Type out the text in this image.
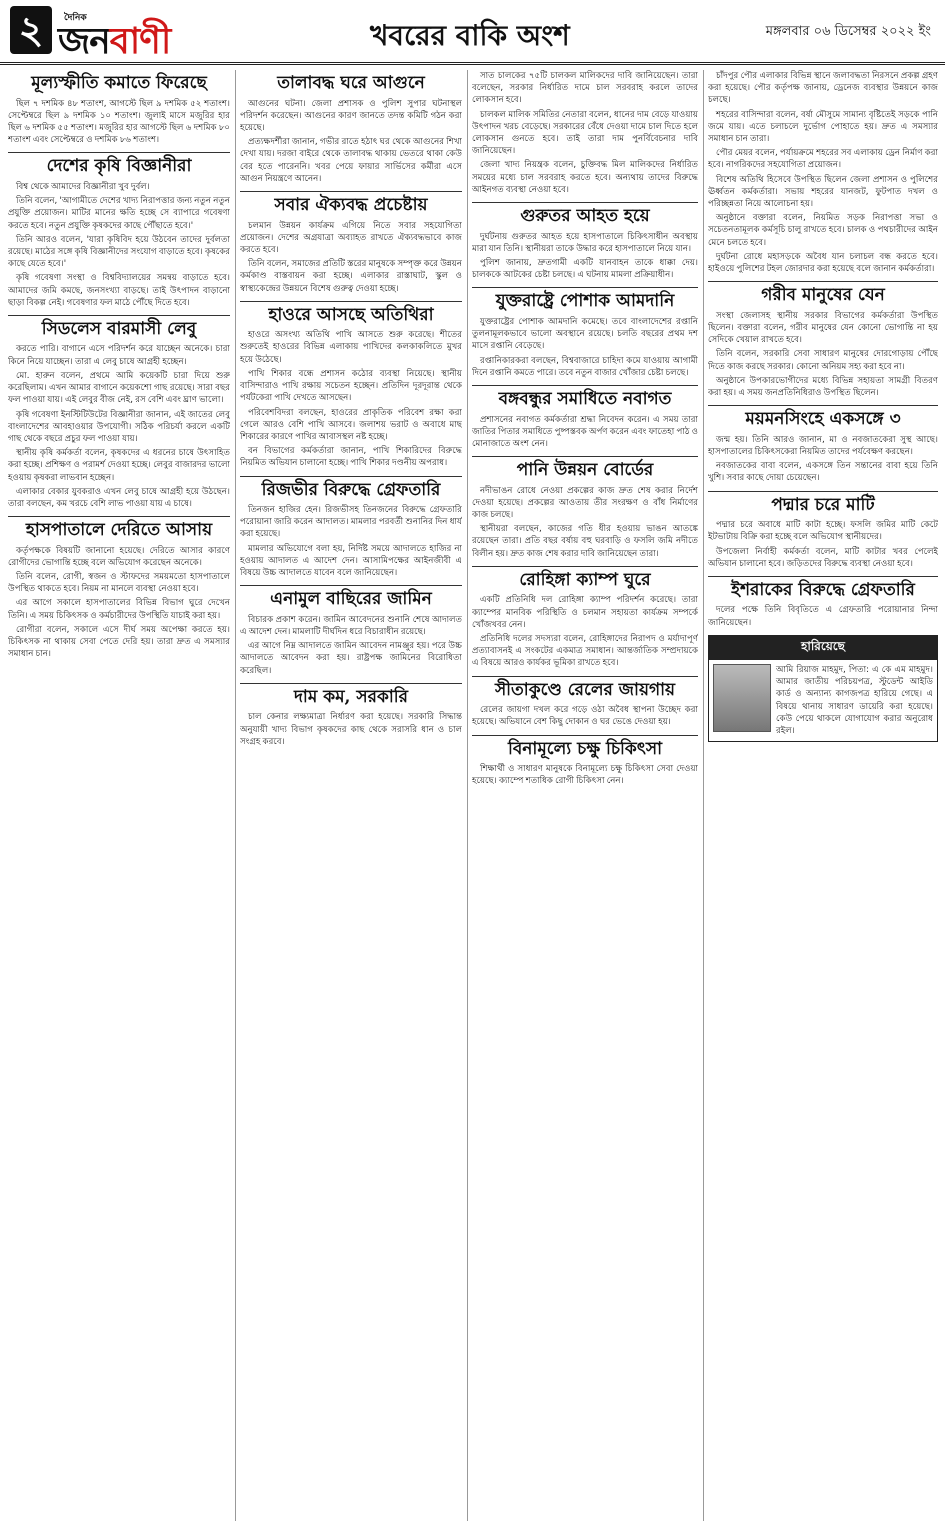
২	দৈনিক
জনবাণী	খবরের বাকি অংশ	মঙ্গলবার ০৬ ডিসেম্বর ২০২২ ইং
মূল্যস্ফীতি কমাতে ফিরেছে

ছিল ৭ দশমিক ৪৮ শতাংশ, আগস্টে ছিল ৯ দশমিক ৫২ শতাংশ। সেপ্টেম্বরে ছিল ৯ দশমিক ১০ শতাংশ। জুলাই মাসে মজুরির হার ছিল ৬ দশমিক ৫৫ শতাংশ। মজুরির হার আগস্টে ছিল ৬ দশমিক ৮০ শতাংশ এবং সেপ্টেম্বরে ও দশমিক ৮৬ শতাংশ।

দেশের কৃষি বিজ্ঞানীরা

বিশ্ব থেকে আমাদের বিজ্ঞানীরা খুব দুর্বল।

তিনি বলেন, 'আগামীতে দেশের খাদ্য নিরাপত্তার জন্য নতুন নতুন প্রযুক্তি প্রয়োজন। মাটির মানের ক্ষতি হচ্ছে সে ব্যাপারে গবেষণা করতে হবে। নতুন প্রযুক্তি কৃষকদের কাছে পৌঁছাতে হবে।'

তিনি আরও বলেন, 'যারা কৃষিবিদ হয়ে উঠবেন তাদের দুর্বলতা রয়েছে। মাঠের সঙ্গে কৃষি বিজ্ঞানীদের সংযোগ বাড়াতে হবে। কৃষকের কাছে যেতে হবে।'

কৃষি গবেষণা সংস্থা ও বিশ্ববিদ্যালয়ের সমন্বয় বাড়াতে হবে। আমাদের জমি কমছে, জনসংখ্যা বাড়ছে। তাই উৎপাদন বাড়ানো ছাড়া বিকল্প নেই। গবেষণার ফল মাঠে পৌঁছে দিতে হবে।

সিডলেস বারমাসী লেবু

করতে পারি। বাগানে এসে পরিদর্শন করে যাচ্ছেন অনেকে। চারা কিনে নিয়ে যাচ্ছেন। তারা এ লেবু চাষে আগ্রহী হচ্ছেন।

মো. হারুন বলেন, প্রথমে আমি কয়েকটি চারা দিয়ে শুরু করেছিলাম। এখন আমার বাগানে কয়েকশো গাছ রয়েছে। সারা বছর ফল পাওয়া যায়। এই লেবুর বীজ নেই, রস বেশি এবং ঘ্রাণ ভালো।

কৃষি গবেষণা ইনস্টিটিউটের বিজ্ঞানীরা জানান, এই জাতের লেবু বাংলাদেশের আবহাওয়ার উপযোগী। সঠিক পরিচর্যা করলে একটি গাছ থেকে বছরে প্রচুর ফল পাওয়া যায়।

স্থানীয় কৃষি কর্মকর্তা বলেন, কৃষকদের এ ধরনের চাষে উৎসাহিত করা হচ্ছে। প্রশিক্ষণ ও পরামর্শ দেওয়া হচ্ছে। লেবুর বাজারদর ভালো হওয়ায় কৃষকরা লাভবান হচ্ছেন।

এলাকার বেকার যুবকরাও এখন লেবু চাষে আগ্রহী হয়ে উঠছেন। তারা বলছেন, কম খরচে বেশি লাভ পাওয়া যায় এ চাষে।

হাসপাতালে দেরিতে আসায়

কর্তৃপক্ষকে বিষয়টি জানানো হয়েছে। দেরিতে আসার কারণে রোগীদের ভোগান্তি হচ্ছে বলে অভিযোগ করেছেন অনেকে।

তিনি বলেন, রোগী, স্বজন ও স্টাফদের সময়মতো হাসপাতালে উপস্থিত থাকতে হবে। নিয়ম না মানলে ব্যবস্থা নেওয়া হবে।

এর আগে সকালে হাসপাতালের বিভিন্ন বিভাগ ঘুরে দেখেন তিনি। এ সময় চিকিৎসক ও কর্মচারীদের উপস্থিতি যাচাই করা হয়।

রোগীরা বলেন, সকালে এসে দীর্ঘ সময় অপেক্ষা করতে হয়। চিকিৎসক না থাকায় সেবা পেতে দেরি হয়। তারা দ্রুত এ সমস্যার সমাধান চান।

তালাবদ্ধ ঘরে আগুনে

আগুনের ঘটনা। জেলা প্রশাসক ও পুলিশ সুপার ঘটনাস্থল পরিদর্শন করেছেন। আগুনের কারণ জানতে তদন্ত কমিটি গঠন করা হয়েছে।

প্রত্যক্ষদর্শীরা জানান, গভীর রাতে হঠাৎ ঘর থেকে আগুনের শিখা দেখা যায়। দরজা বাইরে থেকে তালাবদ্ধ থাকায় ভেতরে থাকা কেউ বের হতে পারেননি। খবর পেয়ে ফায়ার সার্ভিসের কর্মীরা এসে আগুন নিয়ন্ত্রণে আনেন।

সবার ঐক্যবদ্ধ প্রচেষ্টায়

চলমান উন্নয়ন কার্যক্রম এগিয়ে নিতে সবার সহযোগিতা প্রয়োজন। দেশের অগ্রযাত্রা অব্যাহত রাখতে ঐক্যবদ্ধভাবে কাজ করতে হবে।

তিনি বলেন, সমাজের প্রতিটি স্তরের মানুষকে সম্পৃক্ত করে উন্নয়ন কর্মকাণ্ড বাস্তবায়ন করা হচ্ছে। এলাকার রাস্তাঘাট, স্কুল ও স্বাস্থ্যকেন্দ্রের উন্নয়নে বিশেষ গুরুত্ব দেওয়া হচ্ছে।

হাওরে আসছে অতিথিরা

হাওরে অসংখ্য অতিথি পাখি আসতে শুরু করেছে। শীতের শুরুতেই হাওরের বিভিন্ন এলাকায় পাখিদের কলকাকলিতে মুখর হয়ে উঠেছে।

পাখি শিকার বন্ধে প্রশাসন কঠোর ব্যবস্থা নিয়েছে। স্থানীয় বাসিন্দারাও পাখি রক্ষায় সচেতন হচ্ছেন। প্রতিদিন দূরদূরান্ত থেকে পর্যটকেরা পাখি দেখতে আসছেন।

পরিবেশবিদরা বলছেন, হাওরের প্রাকৃতিক পরিবেশ রক্ষা করা গেলে আরও বেশি পাখি আসবে। জলাশয় ভরাট ও অবাধে মাছ শিকারের কারণে পাখির আবাসস্থল নষ্ট হচ্ছে।

বন বিভাগের কর্মকর্তারা জানান, পাখি শিকারিদের বিরুদ্ধে নিয়মিত অভিযান চালানো হচ্ছে। পাখি শিকার দণ্ডনীয় অপরাধ।

রিজভীর বিরুদ্ধে গ্রেফতারি

তিনজন হাজির হেন। রিজভীসহ তিনজনের বিরুদ্ধে গ্রেফতারি পরোয়ানা জারি করেন আদালত। মামলার পরবর্তী শুনানির দিন ধার্য করা হয়েছে।

মামলার অভিযোগে বলা হয়, নির্দিষ্ট সময়ে আদালতে হাজির না হওয়ায় আদালত এ আদেশ দেন। আসামিপক্ষের আইনজীবী এ বিষয়ে উচ্চ আদালতে যাবেন বলে জানিয়েছেন।

এনামুল বাছিরের জামিন

বিচারক প্রকাশ করেন। জামিন আবেদনের শুনানি শেষে আদালত এ আদেশ দেন। মামলাটি দীর্ঘদিন ধরে বিচারাধীন রয়েছে।

এর আগে নিম্ন আদালতে জামিন আবেদন নামঞ্জুর হয়। পরে উচ্চ আদালতে আবেদন করা হয়। রাষ্ট্রপক্ষ জামিনের বিরোধিতা করেছিল।

দাম কম, সরকারি

চাল কেনার লক্ষ্যমাত্রা নির্ধারণ করা হয়েছে। সরকারি সিদ্ধান্ত অনুযায়ী খাদ্য বিভাগ কৃষকদের কাছ থেকে সরাসরি ধান ও চাল সংগ্রহ করবে।

সাত চালকের ৭৫টি চালকল মালিকদের দাবি জানিয়েছেন। তারা বলেছেন, সরকার নির্ধারিত দামে চাল সরবরাহ করলে তাদের লোকসান হবে।

চালকল মালিক সমিতির নেতারা বলেন, ধানের দাম বেড়ে যাওয়ায় উৎপাদন খরচ বেড়েছে। সরকারের বেঁধে দেওয়া দামে চাল দিতে হলে লোকসান গুনতে হবে। তাই তারা দাম পুনর্বিবেচনার দাবি জানিয়েছেন।

জেলা খাদ্য নিয়ন্ত্রক বলেন, চুক্তিবদ্ধ মিল মালিকদের নির্ধারিত সময়ের মধ্যে চাল সরবরাহ করতে হবে। অন্যথায় তাদের বিরুদ্ধে আইনগত ব্যবস্থা নেওয়া হবে।

গুরুতর আহত হয়ে

দুর্ঘটনায় গুরুতর আহত হয়ে হাসপাতালে চিকিৎসাধীন অবস্থায় মারা যান তিনি। স্থানীয়রা তাকে উদ্ধার করে হাসপাতালে নিয়ে যান।

পুলিশ জানায়, দ্রুতগামী একটি যানবাহন তাকে ধাক্কা দেয়। চালককে আটকের চেষ্টা চলছে। এ ঘটনায় মামলা প্রক্রিয়াধীন।

যুক্তরাষ্ট্রে পোশাক আমদানি

যুক্তরাষ্ট্রের পোশাক আমদানি কমেছে। তবে বাংলাদেশের রপ্তানি তুলনামূলকভাবে ভালো অবস্থানে রয়েছে। চলতি বছরের প্রথম দশ মাসে রপ্তানি বেড়েছে।

রপ্তানিকারকরা বলছেন, বিশ্ববাজারে চাহিদা কমে যাওয়ায় আগামী দিনে রপ্তানি কমতে পারে। তবে নতুন বাজার খোঁজার চেষ্টা চলছে।

বঙ্গবন্ধুর সমাধিতে নবাগত

প্রশাসনের নবাগত কর্মকর্তারা শ্রদ্ধা নিবেদন করেন। এ সময় তারা জাতির পিতার সমাধিতে পুষ্পস্তবক অর্পণ করেন এবং ফাতেহা পাঠ ও মোনাজাতে অংশ নেন।

পানি উন্নয়ন বোর্ডের

নদীভাঙন রোধে নেওয়া প্রকল্পের কাজ দ্রুত শেষ করার নির্দেশ দেওয়া হয়েছে। প্রকল্পের আওতায় তীর সংরক্ষণ ও বাঁধ নির্মাণের কাজ চলছে।

স্থানীয়রা বলছেন, কাজের গতি ধীর হওয়ায় ভাঙন আতঙ্কে রয়েছেন তারা। প্রতি বছর বর্ষায় বহু ঘরবাড়ি ও ফসলি জমি নদীতে বিলীন হয়। দ্রুত কাজ শেষ করার দাবি জানিয়েছেন তারা।

রোহিঙ্গা ক্যাম্প ঘুরে

একটি প্রতিনিধি দল রোহিঙ্গা ক্যাম্প পরিদর্শন করেছে। তারা ক্যাম্পের মানবিক পরিস্থিতি ও চলমান সহায়তা কার্যক্রম সম্পর্কে খোঁজখবর নেন।

প্রতিনিধি দলের সদস্যরা বলেন, রোহিঙ্গাদের নিরাপদ ও মর্যাদাপূর্ণ প্রত্যাবাসনই এ সংকটের একমাত্র সমাধান। আন্তর্জাতিক সম্প্রদায়কে এ বিষয়ে আরও কার্যকর ভূমিকা রাখতে হবে।

সীতাকুণ্ডে রেলের জায়গায়

রেলের জায়গা দখল করে গড়ে ওঠা অবৈধ স্থাপনা উচ্ছেদ করা হয়েছে। অভিযানে বেশ কিছু দোকান ও ঘর ভেঙে দেওয়া হয়।

বিনামূল্যে চক্ষু চিকিৎসা

শিক্ষার্থী ও সাধারণ মানুষকে বিনামূল্যে চক্ষু চিকিৎসা সেবা দেওয়া হয়েছে। ক্যাম্পে শতাধিক রোগী চিকিৎসা নেন।

চাঁদপুর পৌর এলাকার বিভিন্ন স্থানে জলাবদ্ধতা নিরসনে প্রকল্প গ্রহণ করা হয়েছে। পৌর কর্তৃপক্ষ জানায়, ড্রেনেজ ব্যবস্থার উন্নয়নে কাজ চলছে।

শহরের বাসিন্দারা বলেন, বর্ষা মৌসুমে সামান্য বৃষ্টিতেই সড়কে পানি জমে যায়। এতে চলাচলে দুর্ভোগ পোহাতে হয়। দ্রুত এ সমস্যার সমাধান চান তারা।

পৌর মেয়র বলেন, পর্যায়ক্রমে শহরের সব এলাকায় ড্রেন নির্মাণ করা হবে। নাগরিকদের সহযোগিতা প্রয়োজন।

বিশেষ অতিথি হিসেবে উপস্থিত ছিলেন জেলা প্রশাসন ও পুলিশের ঊর্ধ্বতন কর্মকর্তারা। সভায় শহরের যানজট, ফুটপাত দখল ও পরিচ্ছন্নতা নিয়ে আলোচনা হয়।

অনুষ্ঠানে বক্তারা বলেন, নিয়মিত সড়ক নিরাপত্তা সভা ও সচেতনতামূলক কর্মসূচি চালু রাখতে হবে। চালক ও পথচারীদের আইন মেনে চলতে হবে।

দুর্ঘটনা রোধে মহাসড়কে অবৈধ যান চলাচল বন্ধ করতে হবে। হাইওয়ে পুলিশের টহল জোরদার করা হয়েছে বলে জানান কর্মকর্তারা।

গরীব মানুষের যেন

সংস্থা জেলাসহ স্থানীয় সরকার বিভাগের কর্মকর্তারা উপস্থিত ছিলেন। বক্তারা বলেন, গরীব মানুষের যেন কোনো ভোগান্তি না হয় সেদিকে খেয়াল রাখতে হবে।

তিনি বলেন, সরকারি সেবা সাধারণ মানুষের দোরগোড়ায় পৌঁছে দিতে কাজ করছে সরকার। কোনো অনিয়ম সহ্য করা হবে না।

অনুষ্ঠানে উপকারভোগীদের মধ্যে বিভিন্ন সহায়তা সামগ্রী বিতরণ করা হয়। এ সময় জনপ্রতিনিধিরাও উপস্থিত ছিলেন।

ময়মনসিংহে একসঙ্গে ৩

জন্ম হয়। তিনি আরও জানান, মা ও নবজাতকেরা সুস্থ আছে। হাসপাতালের চিকিৎসকেরা নিয়মিত তাদের পর্যবেক্ষণ করছেন।

নবজাতকের বাবা বলেন, একসঙ্গে তিন সন্তানের বাবা হয়ে তিনি খুশি। সবার কাছে দোয়া চেয়েছেন।

পদ্মার চরে মাটি

পদ্মার চরে অবাধে মাটি কাটা হচ্ছে। ফসলি জমির মাটি কেটে ইটভাটায় বিক্রি করা হচ্ছে বলে অভিযোগ স্থানীয়দের।

উপজেলা নির্বাহী কর্মকর্তা বলেন, মাটি কাটার খবর পেলেই অভিযান চালানো হবে। জড়িতদের বিরুদ্ধে ব্যবস্থা নেওয়া হবে।

ইশরাকের বিরুদ্ধে গ্রেফতারি

দলের পক্ষে তিনি বিবৃতিতে এ গ্রেফতারি পরোয়ানার নিন্দা জানিয়েছেন।

হারিয়েছে
আমি রিয়াজ মাহমুদ, পিতা: এ কে এম মাহমুদ। আমার জাতীয় পরিচয়পত্র, স্টুডেন্ট আইডি কার্ড ও অন্যান্য কাগজপত্র হারিয়ে গেছে। এ বিষয়ে থানায় সাধারণ ডায়েরি করা হয়েছে। কেউ পেয়ে থাকলে যোগাযোগ করার অনুরোধ রইল।
